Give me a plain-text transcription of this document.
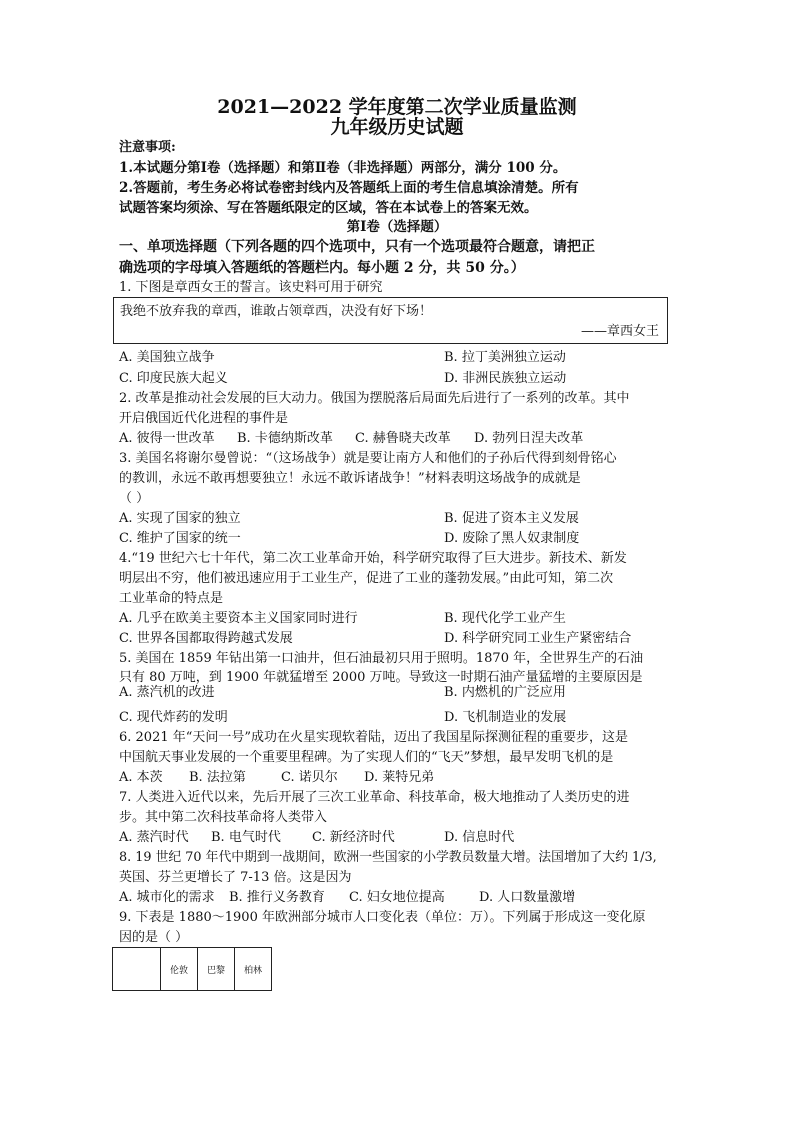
2021—2022 学年度第二次学业质量监测
九年级历史试题
注意事项:
1.本试题分第Ⅰ卷（选择题）和第Ⅱ卷（非选择题）两部分，满分 100 分。
2.答题前，考生务必将试卷密封线内及答题纸上面的考生信息填涂清楚。所有
试题答案均须涂、写在答题纸限定的区域，答在本试卷上的答案无效。
第Ⅰ卷（选择题）
一、单项选择题（下列各题的四个选项中，只有一个选项最符合题意，请把正
确选项的字母填入答题纸的答题栏内。每小题 2 分，共 50 分。）
1. 下图是章西女王的誓言。该史料可用于研究
我绝不放弃我的章西，谁敢占领章西，决没有好下场！
——章西女王
A. 美国独立战争	B. 拉丁美洲独立运动
C. 印度民族大起义	D. 非洲民族独立运动
2. 改革是推动社会发展的巨大动力。俄国为摆脱落后局面先后进行了一系列的改革。其中
开启俄国近代化进程的事件是
A. 彼得一世改革 B. 卡德纳斯改革 C. 赫鲁晓夫改革 D. 勃列日涅夫改革
3. 美国名将谢尔曼曾说：“（这场战争）就是要让南方人和他们的子孙后代得到刻骨铭心
的教训，永远不敢再想要独立！永远不敢诉诸战争！”材料表明这场战争的成就是
（ ）
A. 实现了国家的独立	B. 促进了资本主义发展
C. 维护了国家的统一	D. 废除了黑人奴隶制度
4.“19 世纪六七十年代，第二次工业革命开始，科学研究取得了巨大进步。新技术、新发
明层出不穷，他们被迅速应用于工业生产，促进了工业的蓬勃发展。”由此可知，第二次
工业革命的特点是
A. 几乎在欧美主要资本主义国家同时进行	B. 现代化学工业产生
C. 世界各国都取得跨越式发展	D. 科学研究同工业生产紧密结合
5. 美国在 1859 年钻出第一口油井，但石油最初只用于照明。1870 年，全世界生产的石油
只有 80 万吨，到 1900 年就猛增至 2000 万吨。导致这一时期石油产量猛增的主要原因是
A. 蒸汽机的改进	B. 内燃机的广泛应用
C. 现代炸药的发明	D. 飞机制造业的发展
6. 2021 年“天问一号”成功在火星实现软着陆，迈出了我国星际探测征程的重要步，这是
中国航天事业发展的一个重要里程碑。为了实现人们的“飞天”梦想，最早发明飞机的是
A. 本茨 B. 法拉第	C. 诺贝尔 D. 莱特兄弟
7. 人类进入近代以来，先后开展了三次工业革命、科技革命，极大地推动了人类历史的进
步。其中第二次科技革命将人类带入
A. 蒸汽时代 B. 电气时代 C. 新经济时代	D. 信息时代
8. 19 世纪 70 年代中期到一战期间，欧洲一些国家的小学教员数量大增。法国增加了大约 1/3,
英国、芬兰更增长了 7-13 倍。这是因为
A. 城市化的需求 B. 推行义务教育 C. 妇女地位提高	D. 人口数量激增
9. 下表是 1880～1900 年欧洲部分城市人口变化表（单位：万）。下列属于形成这一变化原
因的是（ ）
	伦敦	巴黎	柏林
